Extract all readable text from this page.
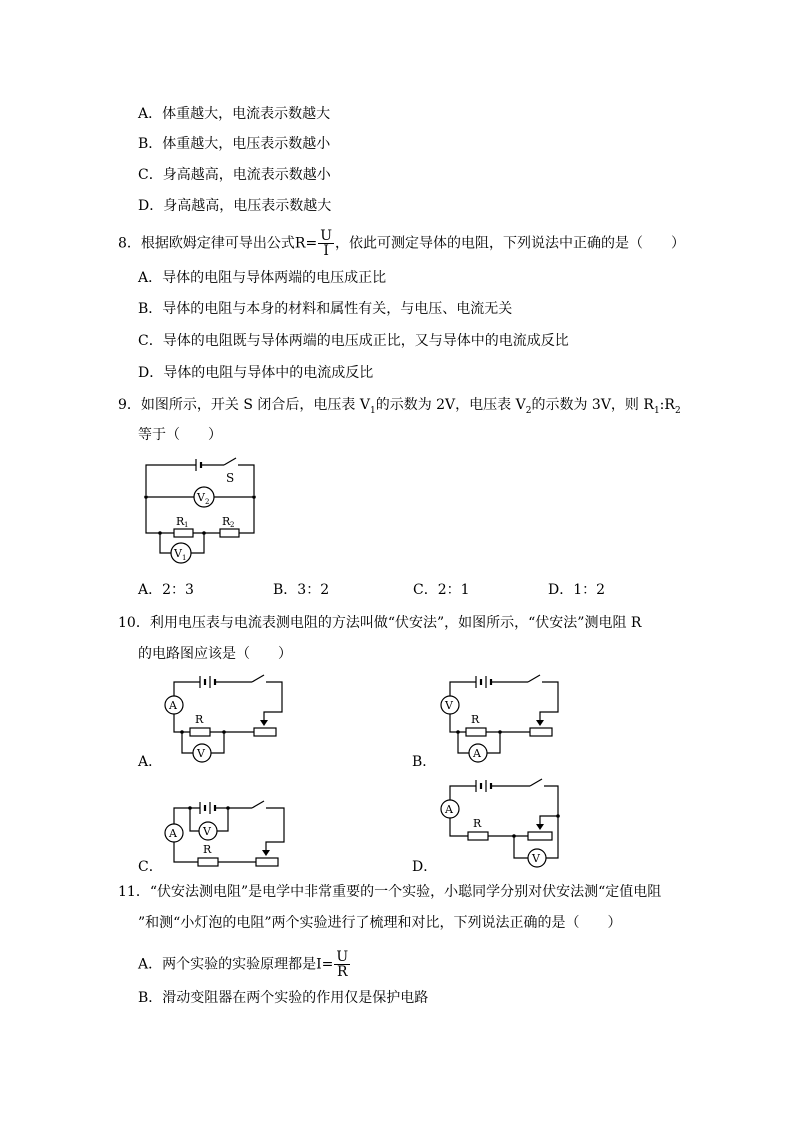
A．体重越大，电流表示数越大
B．体重越大，电压表示数越小
C．身高越高，电流表示数越小
D．身高越高，电压表示数越大
8．根据欧姆定律可导出公式$R= \frac{U}{I}$ ，依此可测定导体的电阻，下列说法中正确的是（　　）
A．导体的电阻与导体两端的电压成正比
B．导体的电阻与本身的材料和属性有关，与电压、电流无关
C．导体的电阻既与导体两端的电压成正比，又与导体中的电流成反比
D．导体的电阻与导体中的电流成反比
9．如图所示，开关 S 闭合后，电压表 $V_1$的示数为 2V，电压表 $V_2$的示数为 3V，则 $R_1:R_2$
等于（　　）
S
V 2
R 1	R 2
V 1
A．2：3	B．3：2	C．2：1	D．1：2
10．利用电压表与电流表测电阻的方法叫做“伏安法”，如图所示，“伏安法”测电阻 R
的电路图应该是（　　）
A
R
V
A．
V
R
A
B．
V
A
R
C．
A
R
V
D．
11．“伏安法测电阻”是电学中非常重要的一个实验，小聪同学分别对伏安法测“定值电阻
”和测“小灯泡的电阻”两个实验进行了梳理和对比，下列说法正确的是（　　）
A．两个实验的实验原理都是$I= \frac{U}{R}$
B．滑动变阻器在两个实验的作用仅是保护电路
